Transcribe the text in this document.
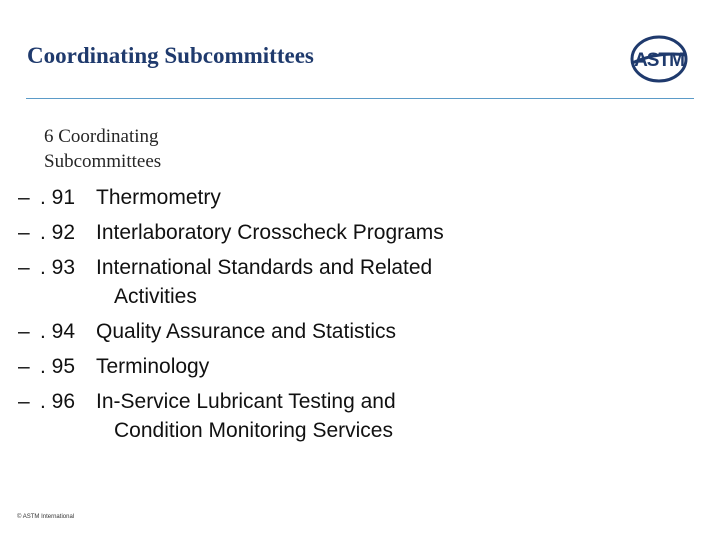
Coordinating Subcommittees	ASTM
6 Coordinating Subcommittees
– . 91 Thermometry
– . 92 Interlaboratory Crosscheck Programs
– . 93 International Standards and Related
Activities
– . 94 Quality Assurance and Statistics
– . 95 Terminology
– . 96 In-Service Lubricant Testing and
Condition Monitoring Services
© ASTM International
